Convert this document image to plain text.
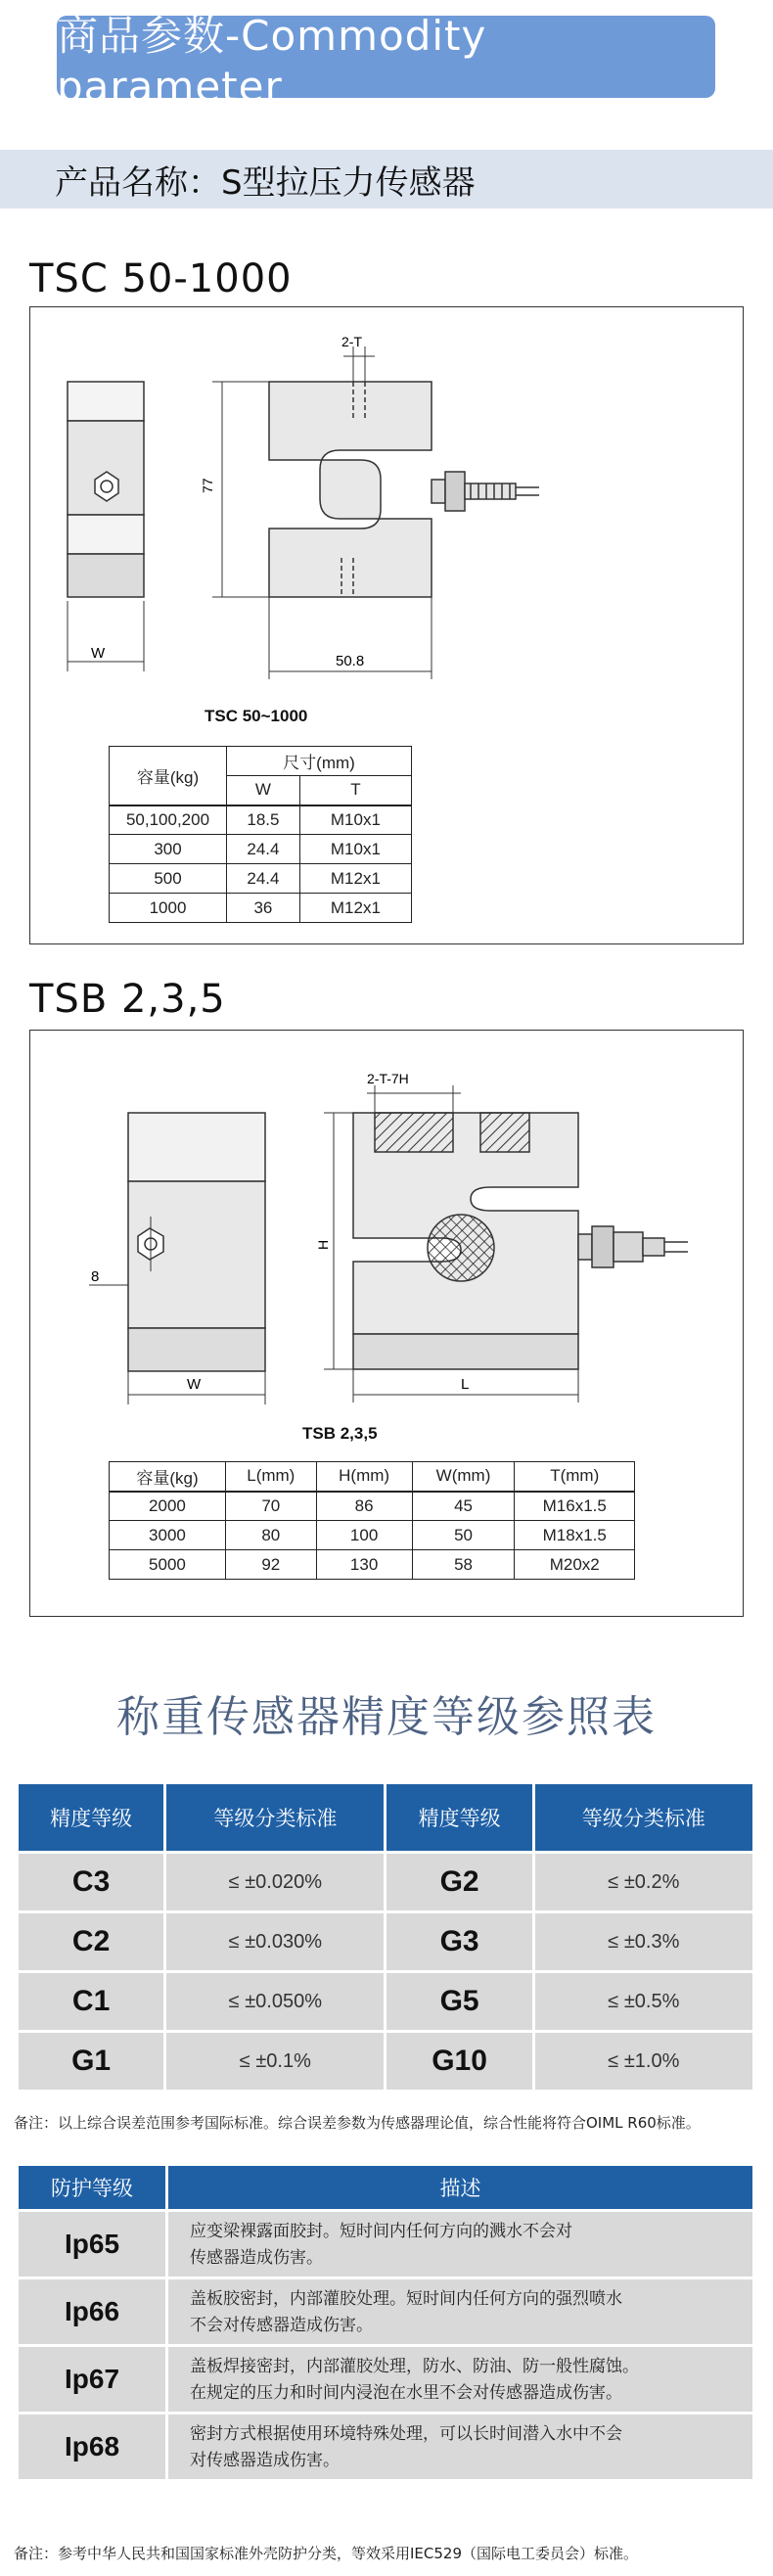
商品参数-Commodity parameter
产品名称：S型拉压力传感器
TSC 50-1000
W
2-T
77
50.8
TSC 50~1000
容量(kg)	尺寸(mm)	
	W	T
50,100,200	18.5	M10x1
300	24.4	M10x1
500	24.4	M12x1
1000	36	M12x1
TSB 2,3,5
8
W
2-T-7H
H
L
TSB 2,3,5
容量(kg)	L(mm)	H(mm)	W(mm)	T(mm)
2000	70	86	45	M16x1.5
3000	80	100	50	M18x1.5
5000	92	130	58	M20x2
称重传感器精度等级参照表
精度等级	等级分类标准	精度等级	等级分类标准
C3	≤ ±0.020%	G2	≤ ±0.2%
C2	≤ ±0.030%	G3	≤ ±0.3%
C1	≤ ±0.050%	G5	≤ ±0.5%
G1	≤ ±0.1%	G10	≤ ±1.0%
备注：以上综合误差范围参考国际标准。综合误差参数为传感器理论值，综合性能将符合OIML R60标准。
防护等级	描述
Ip65	应变梁裸露面胶封。短时间内任何方向的溅水不会对
传感器造成伤害。

Ip66	盖板胶密封，内部灌胶处理。短时间内任何方向的强烈喷水
不会对传感器造成伤害。

Ip67	盖板焊接密封，内部灌胶处理，防水、防油、防一般性腐蚀。
在规定的压力和时间内浸泡在水里不会对传感器造成伤害。

Ip68	密封方式根据使用环境特殊处理，可以长时间潜入水中不会
对传感器造成伤害。
备注：参考中华人民共和国国家标准外壳防护分类，等效采用IEC529（国际电工委员会）标准。
